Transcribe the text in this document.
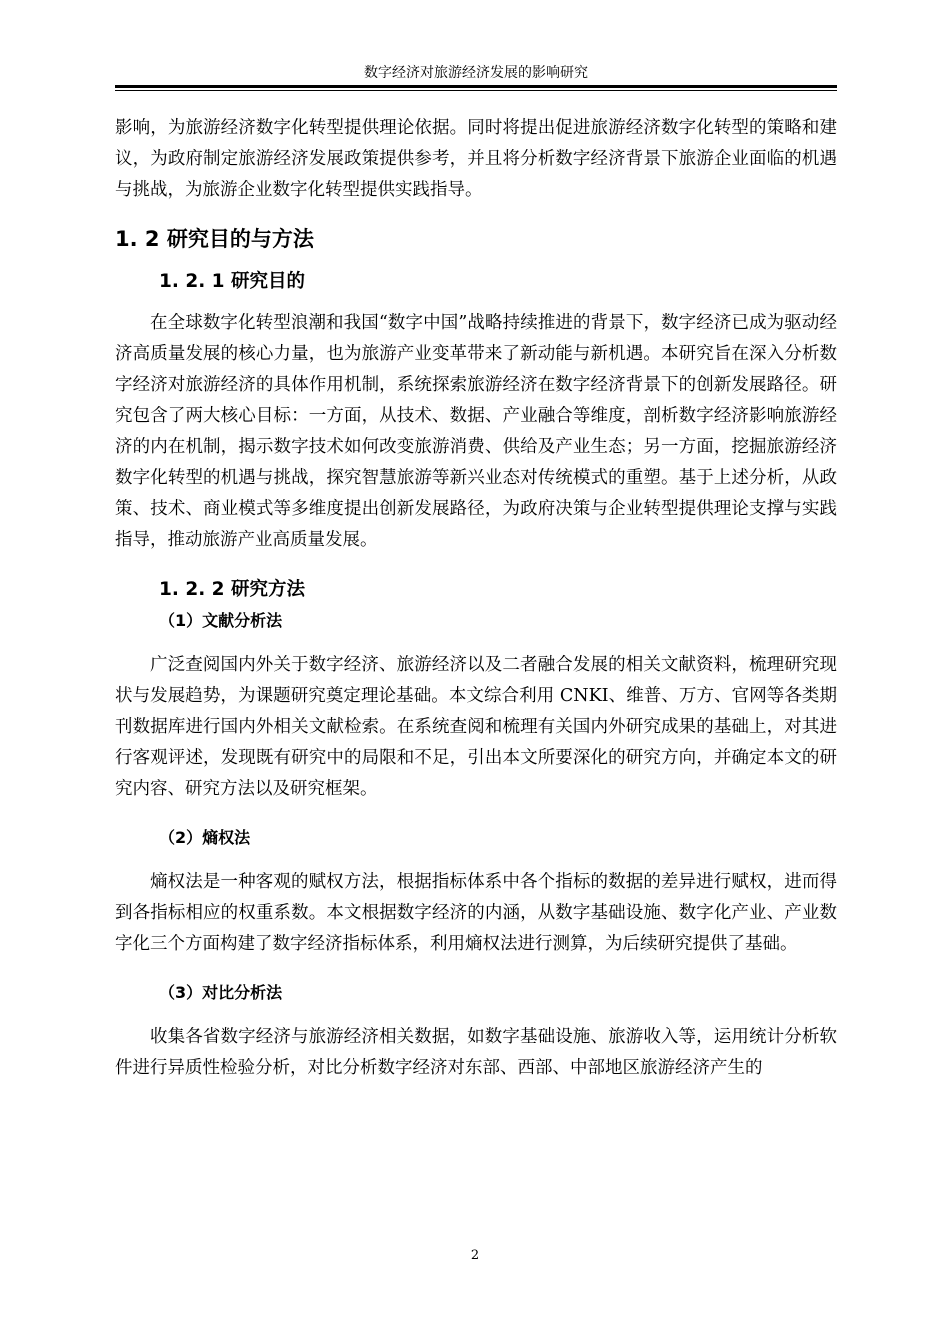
数字经济对旅游经济发展的影响研究

影响，为旅游经济数字化转型提供理论依据。同时将提出促进旅游经济数字化转型的策略和建议，为政府制定旅游经济发展政策提供参考，并且将分析数字经济背景下旅游企业面临的机遇与挑战，为旅游企业数字化转型提供实践指导。

1. 2 研究目的与方法
1. 2. 1 研究目的

在全球数字化转型浪潮和我国“数字中国”战略持续推进的背景下，数字经济已成为驱动经济高质量发展的核心力量，也为旅游产业变革带来了新动能与新机遇。本研究旨在深入分析数字经济对旅游经济的具体作用机制，系统探索旅游经济在数字经济背景下的创新发展路径。研究包含了两大核心目标：一方面，从技术、数据、产业融合等维度，剖析数字经济影响旅游经济的内在机制，揭示数字技术如何改变旅游消费、供给及产业生态；另一方面，挖掘旅游经济数字化转型的机遇与挑战，探究智慧旅游等新兴业态对传统模式的重塑。基于上述分析，从政策、技术、商业模式等多维度提出创新发展路径，为政府决策与企业转型提供理论支撑与实践指导，推动旅游产业高质量发展。

1. 2. 2 研究方法
（1）文献分析法

广泛查阅国内外关于数字经济、旅游经济以及二者融合发展的相关文献资料，梳理研究现状与发展趋势，为课题研究奠定理论基础。本文综合利用 CNKI、维普、万方、官网等各类期刊数据库进行国内外相关文献检索。在系统查阅和梳理有关国内外研究成果的基础上，对其进行客观评述，发现既有研究中的局限和不足，引出本文所要深化的研究方向，并确定本文的研究内容、研究方法以及研究框架。

（2）熵权法

熵权法是一种客观的赋权方法，根据指标体系中各个指标的数据的差异进行赋权，进而得到各指标相应的权重系数。本文根据数字经济的内涵，从数字基础设施、数字化产业、产业数字化三个方面构建了数字经济指标体系，利用熵权法进行测算，为后续研究提供了基础。

（3）对比分析法

收集各省数字经济与旅游经济相关数据，如数字基础设施、旅游收入等，运用统计分析软件进行异质性检验分析，对比分析数字经济对东部、西部、中部地区旅游经济产生的

2
